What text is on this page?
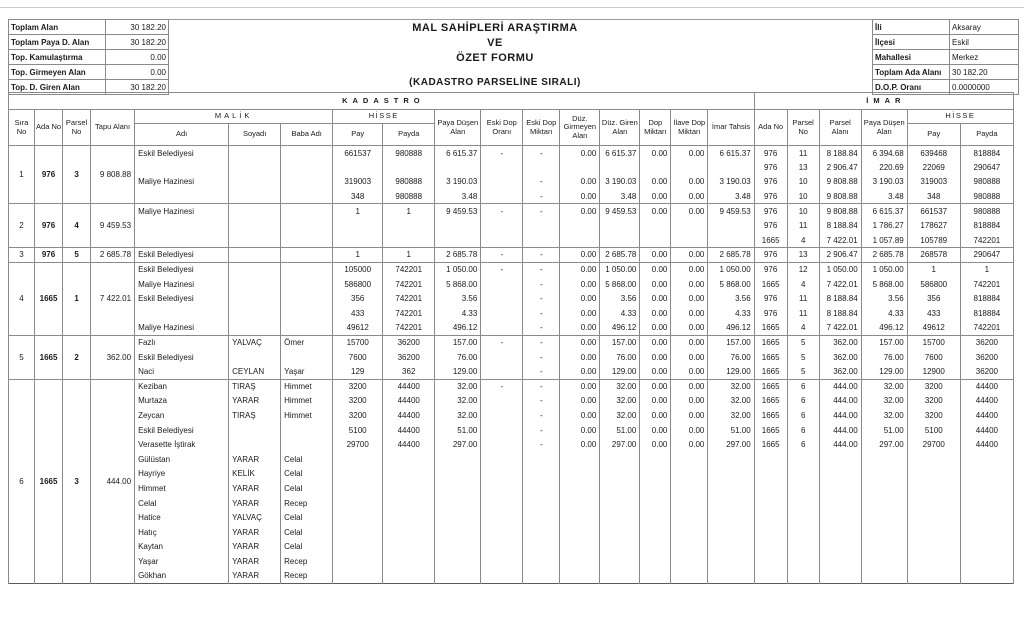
Toplam Alan	30 182.20
Toplam Paya D. Alan	30 182.20
Top. Kamulaştırma	0.00
Top. Girmeyen Alan	0.00
Top. D. Giren Alan	30 182.20
MAL SAHİPLERİ ARAŞTIRMA
VE
ÖZET FORMU
(KADASTRO PARSELİNE SIRALI)
İli	Aksaray
İlçesi	Eskil
Mahallesi	Merkez
Toplam Ada Alanı	30 182.20
D.O.P. Oranı	0.0000000
KADASTRO																	İMAR					
Sıra No	Ada No	Parsel No	Tapu Alanı	MALİK			HİSSE		Paya Düşen Alan	Eski Dop Oranı	Eski Dop Miktarı	Düz. Girmeyen Alan	Düz. Giren Alan	Dop Miktarı	İlave Dop Miktarı	İmar Tahsis	Ada No	Parsel No	Parsel Alanı	Paya Düşen Alan	HİSSE	
				Adı	Soyadı	Baba Adı	Pay	Payda													Pay	Payda
1	976	3	9 808.88	Eskil Belediyesi			661537	980888	6 615.37	-	-	0.00	6 615.37	0.00	0.00	6 615.37	976	11	8 188.84	6 394.68	639468	818884
																	976	13	2 906.47	220.69	22069	290647
				Maliye Hazinesi			319003	980888	3 190.03		-	0.00	3 190.03	0.00	0.00	3 190.03	976	10	9 808.88	3 190.03	319003	980888
							348	980888	3.48		-	0.00	3.48	0.00	0.00	3.48	976	10	9 808.88	3.48	348	980888
2	976	4	9 459.53	Maliye Hazinesi			1	1	9 459.53	-	-	0.00	9 459.53	0.00	0.00	9 459.53	976	10	9 808.88	6 615.37	661537	980888
																	976	11	8 188.84	1 786.27	178627	818884
																	1665	4	7 422.01	1 057.89	105789	742201
3	976	5	2 685.78	Eskil Belediyesi			1	1	2 685.78	-	-	0.00	2 685.78	0.00	0.00	2 685.78	976	13	2 906.47	2 685.78	268578	290647
4	1665	1	7 422.01	Eskil Belediyesi			105000	742201	1 050.00	-	-	0.00	1 050.00	0.00	0.00	1 050.00	976	12	1 050.00	1 050.00	1	1
				Maliye Hazinesi			586800	742201	5 868.00		-	0.00	5 868.00	0.00	0.00	5 868.00	1665	4	7 422.01	5 868.00	586800	742201
				Eskil Belediyesi			356	742201	3.56		-	0.00	3.56	0.00	0.00	3.56	976	11	8 188.84	3.56	356	818884
							433	742201	4.33		-	0.00	4.33	0.00	0.00	4.33	976	11	8 188.84	4.33	433	818884
				Maliye Hazinesi			49612	742201	496.12		-	0.00	496.12	0.00	0.00	496.12	1665	4	7 422.01	496.12	49612	742201
5	1665	2	362.00	Fazlı	YALVAÇ	Ömer	15700	36200	157.00	-	-	0.00	157.00	0.00	0.00	157.00	1665	5	362.00	157.00	15700	36200
				Eskil Belediyesi			7600	36200	76.00		-	0.00	76.00	0.00	0.00	76.00	1665	5	362.00	76.00	7600	36200
				Naci	CEYLAN	Yaşar	129	362	129.00		-	0.00	129.00	0.00	0.00	129.00	1665	5	362.00	129.00	12900	36200
6	1665	3	444.00	Keziban	TIRAŞ	Himmet	3200	44400	32.00	-	-	0.00	32.00	0.00	0.00	32.00	1665	6	444.00	32.00	3200	44400
				Murtaza	YARAR	Himmet	3200	44400	32.00		-	0.00	32.00	0.00	0.00	32.00	1665	6	444.00	32.00	3200	44400
				Zeycan	TIRAŞ	Himmet	3200	44400	32.00		-	0.00	32.00	0.00	0.00	32.00	1665	6	444.00	32.00	3200	44400
				Eskil Belediyesi			5100	44400	51.00		-	0.00	51.00	0.00	0.00	51.00	1665	6	444.00	51.00	5100	44400
				Verasette İştirak			29700	44400	297.00		-	0.00	297.00	0.00	0.00	297.00	1665	6	444.00	297.00	29700	44400
				Gülüstan	YARAR	Celal																
				Hayriye	KELİK	Celal																
				Himmet	YARAR	Celal																
				Celal	YARAR	Recep																
				Hatice	YALVAÇ	Celal																
				Hatıç	YARAR	Celal																
				Kaytan	YARAR	Celal																
				Yaşar	YARAR	Recep																
				Gökhan	YARAR	Recep																
